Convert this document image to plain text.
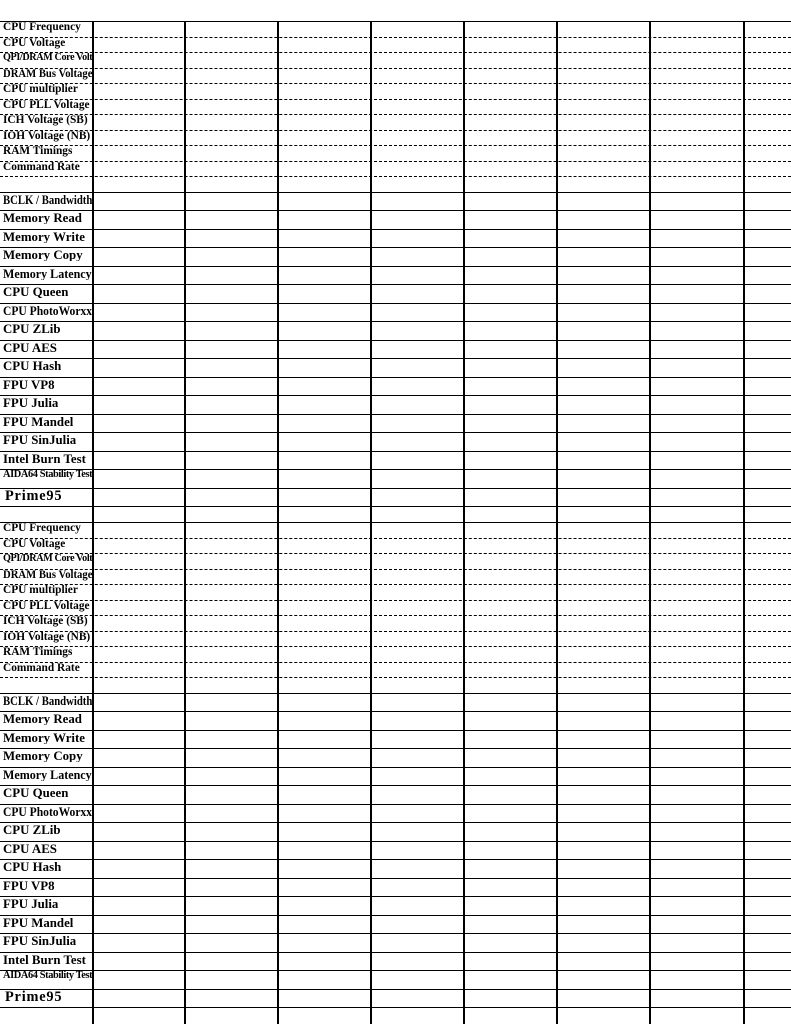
CPU Frequency
CPU Voltage
QPI/DRAM Core Volt
DRAM Bus Voltage
CPU multiplier
CPU PLL Voltage
ICH Voltage (SB)
IOH Voltage (NB)
RAM Timings
Command Rate
BCLK / Bandwidth
Memory Read
Memory Write
Memory Copy
Memory Latency
CPU Queen
CPU PhotoWorxx
CPU ZLib
CPU AES
CPU Hash
FPU VP8
FPU Julia
FPU Mandel
FPU SinJulia
Intel Burn Test
AIDA64 Stability Test
Prime95
CPU Frequency
CPU Voltage
QPI/DRAM Core Volt
DRAM Bus Voltage
CPU multiplier
CPU PLL Voltage
ICH Voltage (SB)
IOH Voltage (NB)
RAM Timings
Command Rate
BCLK / Bandwidth
Memory Read
Memory Write
Memory Copy
Memory Latency
CPU Queen
CPU PhotoWorxx
CPU ZLib
CPU AES
CPU Hash
FPU VP8
FPU Julia
FPU Mandel
FPU SinJulia
Intel Burn Test
AIDA64 Stability Test
Prime95
